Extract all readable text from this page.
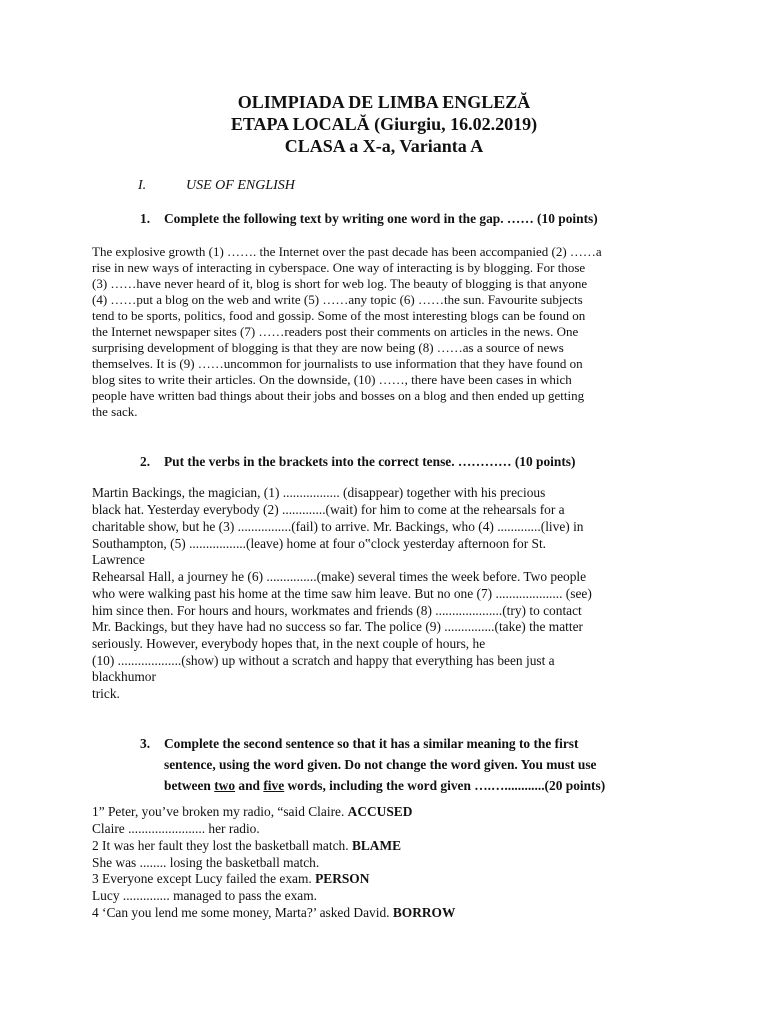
OLIMPIADA DE LIMBA ENGLEZĂ
ETAPA LOCALĂ (Giurgiu, 16.02.2019)
CLASA a X-a, Varianta A
I.	USE OF ENGLISH
1. Complete the following text by writing one word in the gap. …… (10 points)
The explosive growth (1) ……. the Internet over the past decade has been accompanied (2) ……a
rise in new ways of interacting in cyberspace. One way of interacting is by blogging. For those
(3) ……have never heard of it, blog is short for web log. The beauty of blogging is that anyone
(4) ……put a blog on the web and write (5) ……any topic (6) ……the sun. Favourite subjects
tend to be sports, politics, food and gossip. Some of the most interesting blogs can be found on
the Internet newspaper sites (7) ……readers post their comments on articles in the news. One
surprising development of blogging is that they are now being (8) ……as a source of news
themselves. It is (9) ……uncommon for journalists to use information that they have found on
blog sites to write their articles. On the downside, (10) ……, there have been cases in which
people have written bad things about their jobs and bosses on a blog and then ended up getting
the sack.
2. Put the verbs in the brackets into the correct tense. ………… (10 points)
Martin Backings, the magician, (1) ................. (disappear) together with his precious
black hat. Yesterday everybody (2) .............(wait) for him to come at the rehearsals for a
charitable show, but he (3) ................(fail) to arrive. Mr. Backings, who (4) .............(live) in
Southampton, (5) .................(leave) home at four o‟clock yesterday afternoon for St.
Lawrence
Rehearsal Hall, a journey he (6) ...............(make) several times the week before. Two people
who were walking past his home at the time saw him leave. But no one (7) .................... (see)
him since then. For hours and hours, workmates and friends (8) ....................(try) to contact
Mr. Backings, but they have had no success so far. The police (9) ...............(take) the matter
seriously. However, everybody hopes that, in the next couple of hours, he
(10) ...................(show) up without a scratch and happy that everything has been just a
blackhumor
trick.
3. Complete the second sentence so that it has a similar meaning to the first
sentence, using the word given. Do not change the word given. You must use
between two and five words, including the word given ….…............(20 points)
1” Peter, you’ve broken my radio, “said Claire. ACCUSED
Claire ....................... her radio.
2 It was her fault they lost the basketball match. BLAME
She was ........ losing the basketball match.
3 Everyone except Lucy failed the exam. PERSON
Lucy .............. managed to pass the exam.
4 ‘Can you lend me some money, Marta?’ asked David. BORROW
